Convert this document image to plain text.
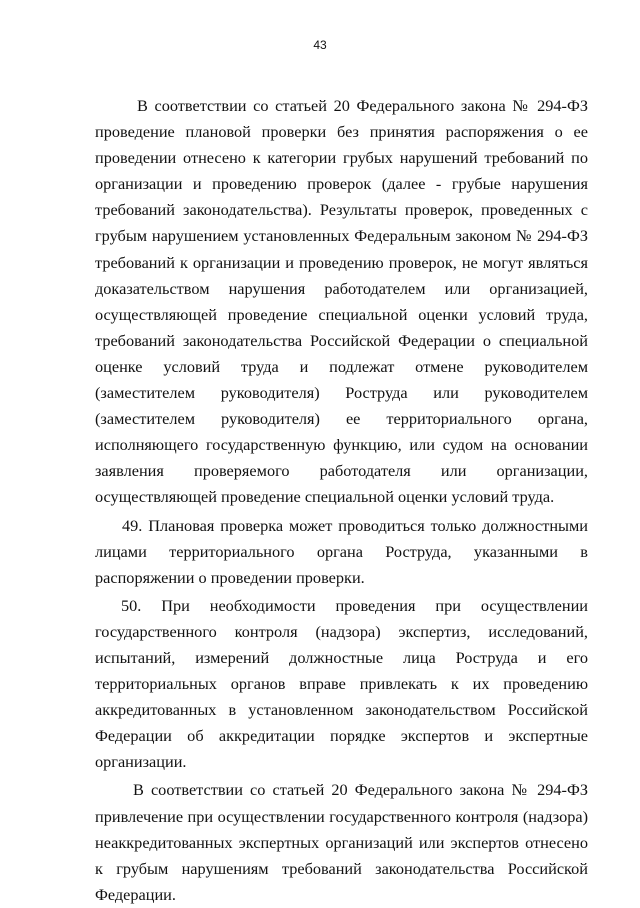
43

В соответствии со статьей 20 Федерального закона № 294-ФЗ проведение плановой проверки без принятия распоряжения о ее проведении отнесено к категории грубых нарушений требований по организации и проведению проверок (далее - грубые нарушения требований законодательства). Результаты проверок, проведенных с грубым нарушением установленных Федеральным законом № 294-ФЗ требований к организации и проведению проверок, не могут являться доказательством нарушения работодателем или организацией, осуществляющей проведение специальной оценки условий труда, требований законодательства Российской Федерации о специальной оценке условий труда и подлежат отмене руководителем (заместителем руководителя) Роструда или руководителем (заместителем руководителя) ее территориального органа, исполняющего государственную функцию, или судом на основании заявления проверяемого работодателя или организации, осуществляющей проведение специальной оценки условий труда.

49. Плановая проверка может проводиться только должностными лицами территориального органа Роструда, указанными в распоряжении о проведении проверки.

50. При необходимости проведения при осуществлении государственного контроля (надзора) экспертиз, исследований, испытаний, измерений должностные лица Роструда и его территориальных органов вправе привлекать к их проведению аккредитованных в установленном законодательством Российской Федерации об аккредитации порядке экспертов и экспертные организации.

В соответствии со статьей 20 Федерального закона № 294-ФЗ привлечение при осуществлении государственного контроля (надзора) неаккредитованных экспертных организаций или экспертов отнесено к грубым нарушениям требований законодательства Российской Федерации.
